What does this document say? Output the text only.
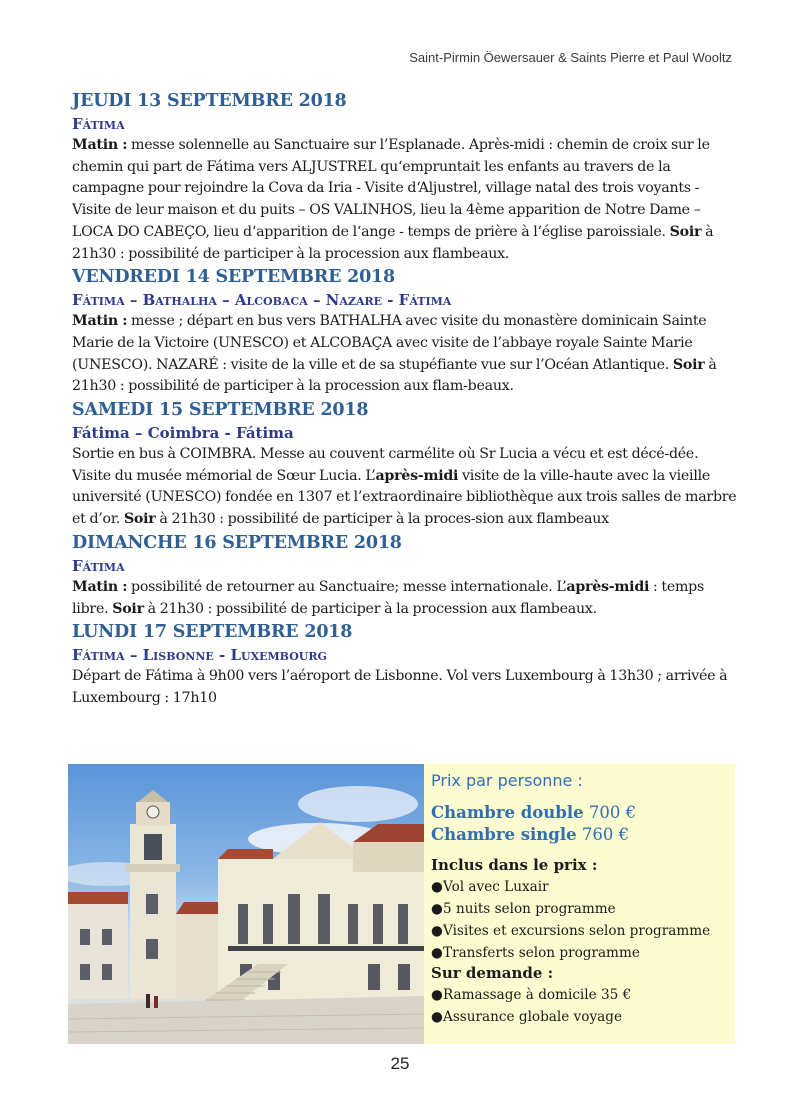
Saint-Pirmin Öewersauer & Saints Pierre et Paul Wooltz
JEUDI 13 SEPTEMBRE 2018
Fátima

Matin : messe solennelle au Sanctuaire sur l’Esplanade. Après-midi : chemin de croix sur le chemin qui part de Fátima vers ALJUSTREL qu‘empruntait les enfants au travers de la campagne pour rejoindre la Cova da Iria - Visite d‘Aljustrel, village natal des trois voyants - Visite de leur maison et du puits – OS VALINHOS, lieu la 4ème apparition de Notre Dame – LOCA DO CABEÇO, lieu d‘apparition de l‘ange - temps de prière à l‘église paroissiale. Soir à 21h30 : possibilité de participer à la procession aux flambeaux.

VENDREDI 14 SEPTEMBRE 2018
Fátima – Bathalha – Alcobaca – Nazare - Fátima

Matin : messe ; départ en bus vers BATHALHA avec visite du monastère dominicain Sainte Marie de la Victoire (UNESCO) et ALCOBAÇA avec visite de l’abbaye royale Sainte Marie (UNESCO). NAZARÉ : visite de la ville et de sa stupéfiante vue sur l’Océan Atlantique. Soir à 21h30 : possibilité de participer à la procession aux flam-beaux.

SAMEDI 15 SEPTEMBRE 2018
Fátima – Coimbra - Fátima

Sortie en bus à COIMBRA. Messe au couvent carmélite où Sr Lucia a vécu et est décé-dée. Visite du musée mémorial de Sœur Lucia. L’après-midi visite de la ville-haute avec la vieille université (UNESCO) fondée en 1307 et l’extraordinaire bibliothèque aux trois salles de marbre et d’or. Soir à 21h30 : possibilité de participer à la proces-sion aux flambeaux

DIMANCHE 16 SEPTEMBRE 2018
Fátima

Matin : possibilité de retourner au Sanctuaire; messe internationale. L’après-midi : temps libre. Soir à 21h30 : possibilité de participer à la procession aux flambeaux.

LUNDI 17 SEPTEMBRE 2018
Fátima – Lisbonne - Luxembourg

Départ de Fátima à 9h00 vers l’aéroport de Lisbonne. Vol vers Luxembourg à 13h30 ; arrivée à Luxembourg : 17h10

Prix par personne :

Chambre double 700 €

Chambre single 760 €

Inclus dans le prix :

●Vol avec Luxair

●5 nuits selon programme

●Visites et excursions selon programme

●Transferts selon programme

Sur demande :

●Ramassage à domicile 35 €

●Assurance globale voyage

25
